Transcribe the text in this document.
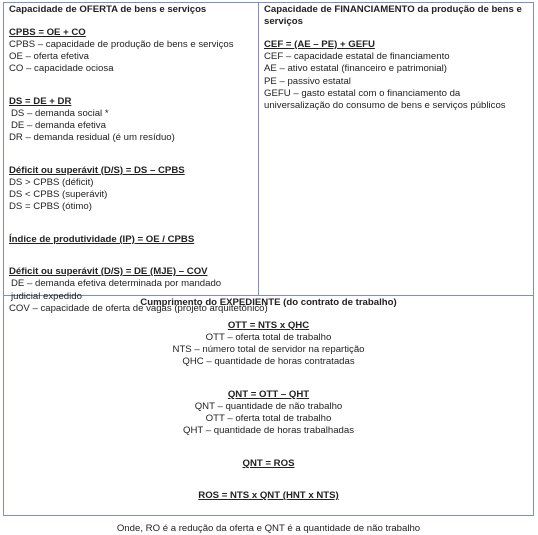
Capacidade de OFERTA de bens e serviços

CPBS = OE + CO

CPBS – capacidade de produção de bens e serviços

OE – oferta efetiva

CO – capacidade ociosa

DS = DE + DR

DS – demanda social *

DE – demanda efetiva

DR – demanda residual (é um resíduo)

Déficit ou superávit (D/S) = DS – CPBS

DS > CPBS (déficit)

DS < CPBS (superávit)

DS = CPBS (ótimo)

Índice de produtividade (IP) = OE / CPBS

Déficit ou superávit (D/S) = DE (MJE) – COV

DE – demanda efetiva determinada por mandado judicial expedido

COV – capacidade de oferta de vagas (projeto arquitetônico)

Capacidade de FINANCIAMENTO da produção de bens e serviços

CEF = (AE – PE) + GEFU

CEF – capacidade estatal de financiamento

AE – ativo estatal (financeiro e patrimonial)

PE – passivo estatal

GEFU – gasto estatal com o financiamento da universalização do consumo de bens e serviços públicos

Cumprimento do EXPEDIENTE (do contrato de trabalho)

OTT = NTS x QHC

OTT – oferta total de trabalho

NTS – número total de servidor na repartição

QHC – quantidade de horas contratadas

QNT = OTT – QHT

QNT – quantidade de não trabalho

OTT – oferta total de trabalho

QHT – quantidade de horas trabalhadas

QNT = ROS

ROS = NTS x QNT (HNT x NTS)

Onde, RO é a redução da oferta e QNT é a quantidade de não trabalho
